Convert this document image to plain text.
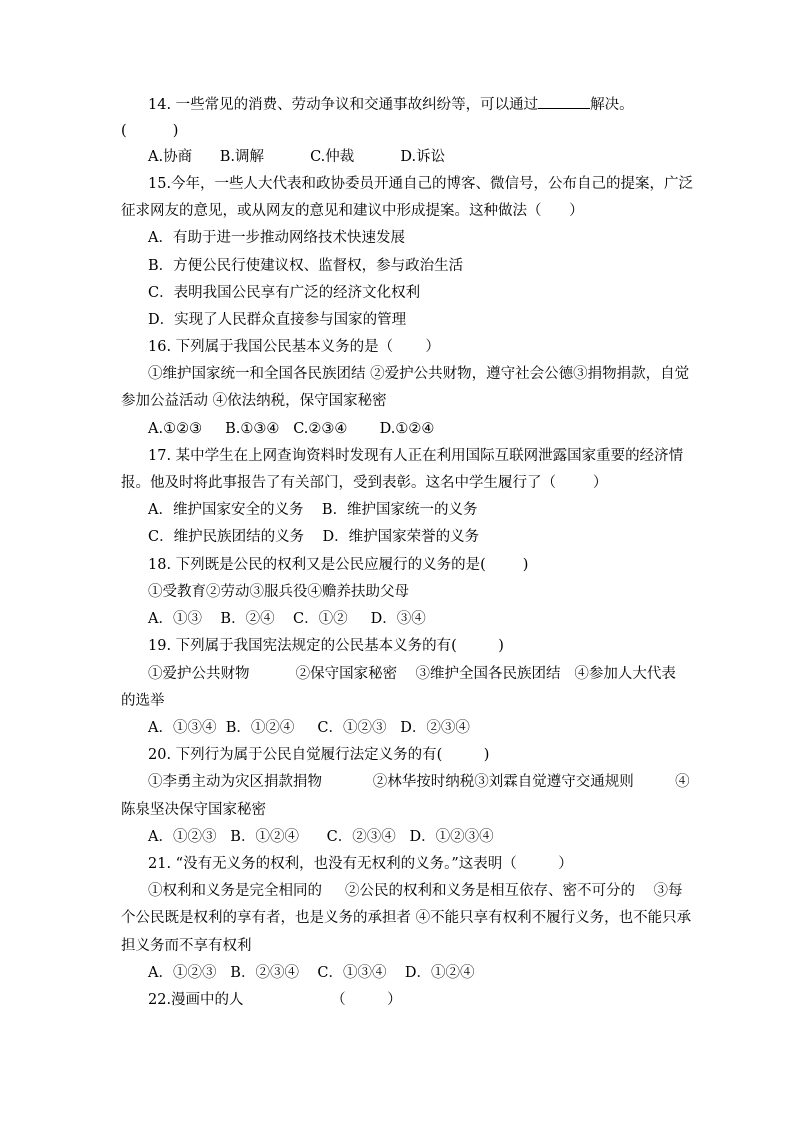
14. 一些常见的消费、劳动争议和交通事故纠纷等，可以通过	解决。
(          )
A.协商      B.调解          C.仲裁          D.诉讼
15.今年，一些人大代表和政协委员开通自己的博客、微信号，公布自己的提案，广泛
征求网友的意见，或从网友的意见和建议中形成提案。这种做法（      ）
A．有助于进一步推动网络技术快速发展
B．方便公民行使建议权、监督权，参与政治生活
C．表明我国公民享有广泛的经济文化权利
D．实现了人民群众直接参与国家的管理
16. 下列属于我国公民基本义务的是（       ）
①维护国家统一和全国各民族团结 ②爱护公共财物，遵守社会公德③捐物捐款，自觉
参加公益活动 ④依法纳税，保守国家秘密
A.①②③     B.①③④   C.②③④       D.①②④
17. 某中学生在上网查询资料时发现有人正在利用国际互联网泄露国家重要的经济情
报。他及时将此事报告了有关部门，受到表彰。这名中学生履行了（        ）
A．维护国家安全的义务    B．维护国家统一的义务
C．维护民族团结的义务    D．维护国家荣誉的义务
18. 下列既是公民的权利又是公民应履行的义务的是(        )
①受教育②劳动③服兵役④赡养扶助父母
A．①③    B．②④    C．①②     D．③④
19. 下列属于我国宪法规定的公民基本义务的有(         )
①爱护公共财物          ②保守国家秘密    ③维护全国各民族团结   ④参加人大代表
的选举
A．①③④  B．①②④     C．①②③   D．②③④
20. 下列行为属于公民自觉履行法定义务的有(         )
①李勇主动为灾区捐款捐物           ②林华按时纳税③刘霖自觉遵守交通规则         ④
陈泉坚决保守国家秘密
A．①②③   B．①②④      C．②③④   D．①②③④
21. “没有无义务的权利，也没有无权利的义务。”这表明（         ）
①权利和义务是完全相同的     ②公民的权利和义务是相互依存、密不可分的    ③每
个公民既是权利的享有者，也是义务的承担者 ④不能只享有权利不履行义务，也不能只承
担义务而不享有权利
A．①②③   B．②③④    C．①③④    D．①②④
22.漫画中的人                   （         ）
